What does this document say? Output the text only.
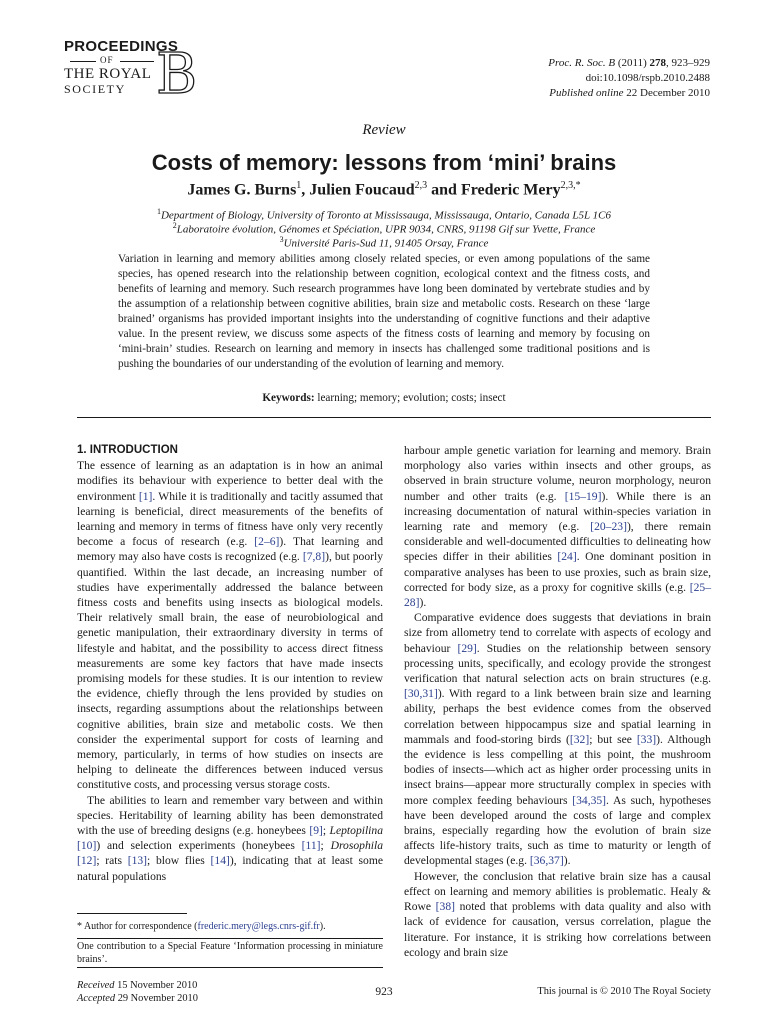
PROCEEDINGS
OF
THE ROYAL
SOCIETY B	Proc. R. Soc. B (2011) 278, 923–929
doi:10.1098/rspb.2010.2488
Published online 22 December 2010
Review
Costs of memory: lessons from ‘mini’ brains
James G. Burns$^1$, Julien Foucaud$^{2,3}$ and Frederic Mery$^{2,3,*}$
$^1$Department of Biology, University of Toronto at Mississauga, Mississauga, Ontario, Canada L5L 1C6
$^2$Laboratoire évolution, Génomes et Spéciation, UPR 9034, CNRS, 91198 Gif sur Yvette, France
$^3$Université Paris-Sud 11, 91405 Orsay, France
Variation in learning and memory abilities among closely related species, or even among populations of the same species, has opened research into the relationship between cognition, ecological context and the fitness costs, and benefits of learning and memory. Such research programmes have long been dominated by vertebrate studies and by the assumption of a relationship between cognitive abilities, brain size and metabolic costs. Research on these ‘large brained’ organisms has provided important insights into the understanding of cognitive functions and their adaptive value. In the present review, we discuss some aspects of the fitness costs of learning and memory by focusing on ‘mini-brain’ studies. Research on learning and memory in insects has challenged some traditional positions and is pushing the boundaries of our understanding of the evolution of learning and memory.
Keywords: learning; memory; evolution; costs; insect
1. INTRODUCTION

The essence of learning as an adaptation is in how an animal modifies its behaviour with experience to better deal with the environment [1]. While it is traditionally and tacitly assumed that learning is beneficial, direct measurements of the benefits of learning and memory in terms of fitness have only very recently become a focus of research (e.g. [2–6]). That learning and memory may also have costs is recognized (e.g. [7,8]), but poorly quantified. Within the last decade, an increasing number of studies have experimentally addressed the balance between fitness costs and benefits using insects as biological models. Their relatively small brain, the ease of neurobiological and genetic manipulation, their extraordinary diversity in terms of lifestyle and habitat, and the possibility to access direct fitness measurements are some key factors that have made insects promising models for these studies. It is our intention to review the evidence, chiefly through the lens provided by studies on insects, regarding assumptions about the relationships between cognitive abilities, brain size and metabolic costs. We then consider the experimental support for costs of learning and memory, particularly, in terms of how studies on insects are helping to delineate the differences between induced versus constitutive costs, and processing versus storage costs.

The abilities to learn and remember vary between and within species. Heritability of learning ability has been demonstrated with the use of breeding designs (e.g. honeybees [9]; Leptopilina [10]) and selection experiments (honeybees [11]; Drosophila [12]; rats [13]; blow flies [14]), indicating that at least some natural populations

harbour ample genetic variation for learning and memory. Brain morphology also varies within insects and other groups, as observed in brain structure volume, neuron morphology, neuron number and other traits (e.g. [15–19]). While there is an increasing documentation of natural within-species variation in learning rate and memory (e.g. [20–23]), there remain considerable and well-documented difficulties to delineating how species differ in their abilities [24]. One dominant position in comparative analyses has been to use proxies, such as brain size, corrected for body size, as a proxy for cognitive skills (e.g. [25–28]).

Comparative evidence does suggests that deviations in brain size from allometry tend to correlate with aspects of ecology and behaviour [29]. Studies on the relationship between sensory processing units, specifically, and ecology provide the strongest verification that natural selection acts on brain structures (e.g. [30,31]). With regard to a link between brain size and learning ability, perhaps the best evidence comes from the observed correlation between hippocampus size and spatial learning in mammals and food-storing birds ([32]; but see [33]). Although the evidence is less compelling at this point, the mushroom bodies of insects—which act as higher order processing units in insect brains—appear more structurally complex in species with more complex feeding behaviours [34,35]. As such, hypotheses have been developed around the costs of large and complex brains, especially regarding how the evolution of brain size affects life-history traits, such as time to maturity or length of developmental stages (e.g. [36,37]).

However, the conclusion that relative brain size has a causal effect on learning and memory abilities is problematic. Healy & Rowe [38] noted that problems with data quality and also with lack of evidence for causation, versus correlation, plague the literature. For instance, it is striking how correlations between ecology and brain size

* Author for correspondence (frederic.mery@legs.cnrs-gif.fr).
One contribution to a Special Feature ‘Information processing in miniature brains’.
Received 15 November 2010
Accepted 29 November 2010	923	This journal is © 2010 The Royal Society
